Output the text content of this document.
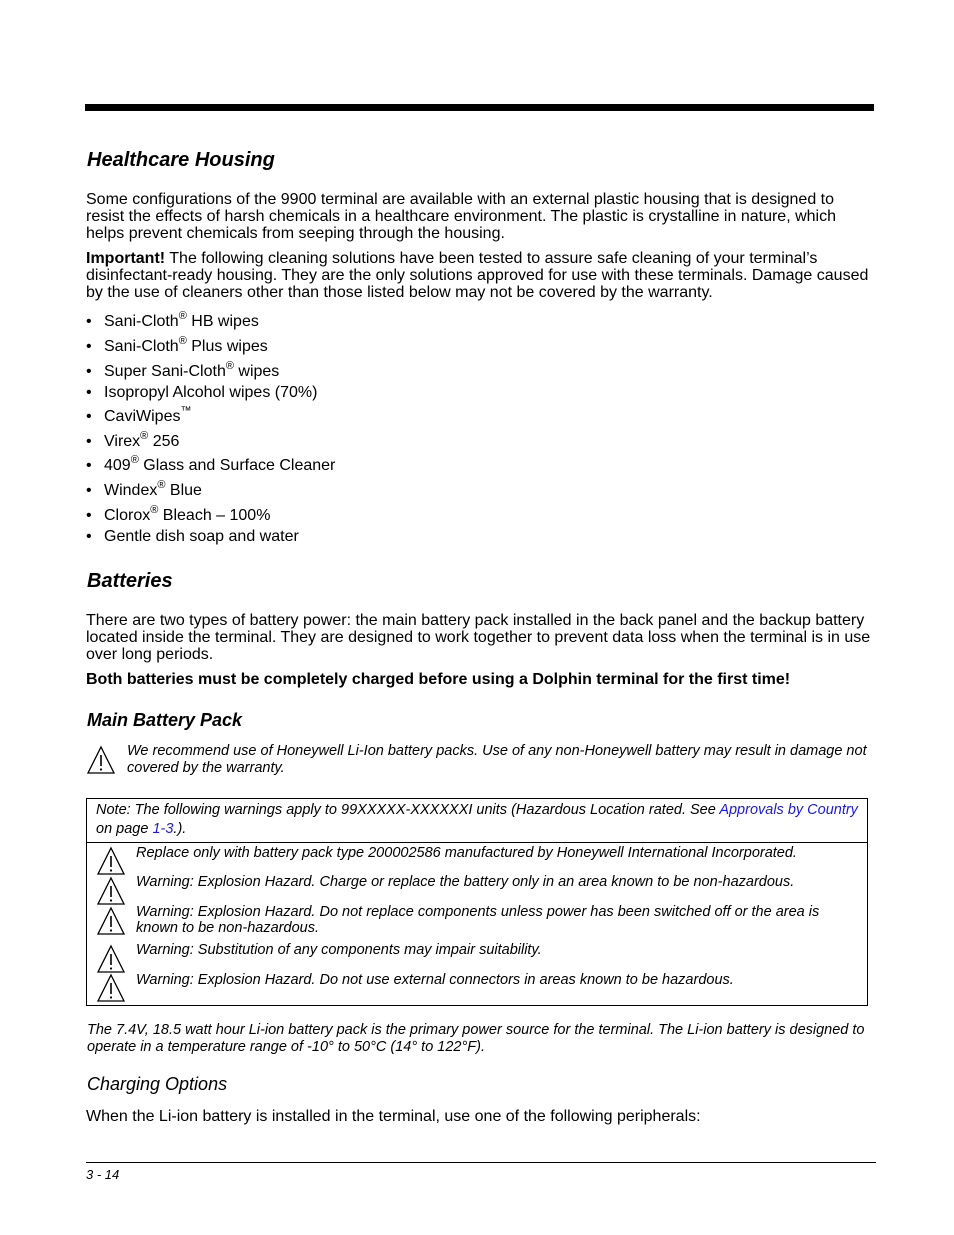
Healthcare Housing
Some configurations of the 9900 terminal are available with an external plastic housing that is designed to resist the effects of harsh chemicals in a healthcare environment. The plastic is crystalline in nature, which helps prevent chemicals from seeping through the housing.
Important! The following cleaning solutions have been tested to assure safe cleaning of your terminal’s disinfectant-ready housing. They are the only solutions approved for use with these terminals. Damage caused by the use of cleaners other than those listed below may not be covered by the warranty.
• Sani-Cloth® HB wipes
• Sani-Cloth® Plus wipes
• Super Sani-Cloth® wipes
• Isopropyl Alcohol wipes (70%)
• CaviWipes™
• Virex® 256
• 409® Glass and Surface Cleaner
• Windex® Blue
• Clorox® Bleach – 100%
• Gentle dish soap and water
Batteries
There are two types of battery power: the main battery pack installed in the back panel and the backup battery located inside the terminal. They are designed to work together to prevent data loss when the terminal is in use over long periods.
Both batteries must be completely charged before using a Dolphin terminal for the first time!
Main Battery Pack
We recommend use of Honeywell Li-Ion battery packs. Use of any non-Honeywell battery may result in damage not covered by the warranty.
Note: The following warnings apply to 99XXXXX-XXXXXXI units (Hazardous Location rated. See Approvals by Country on page 1-3.).
Replace only with battery pack type 200002586 manufactured by Honeywell International Incorporated.
Warning: Explosion Hazard. Charge or replace the battery only in an area known to be non-hazardous.
Warning: Explosion Hazard. Do not replace components unless power has been switched off or the area is known to be non-hazardous.
Warning: Substitution of any components may impair suitability.
Warning: Explosion Hazard. Do not use external connectors in areas known to be hazardous.
The 7.4V, 18.5 watt hour Li-ion battery pack is the primary power source for the terminal. The Li-ion battery is designed to operate in a temperature range of -10° to 50°C (14° to 122°F).
Charging Options
When the Li-ion battery is installed in the terminal, use one of the following peripherals:
3 - 14
